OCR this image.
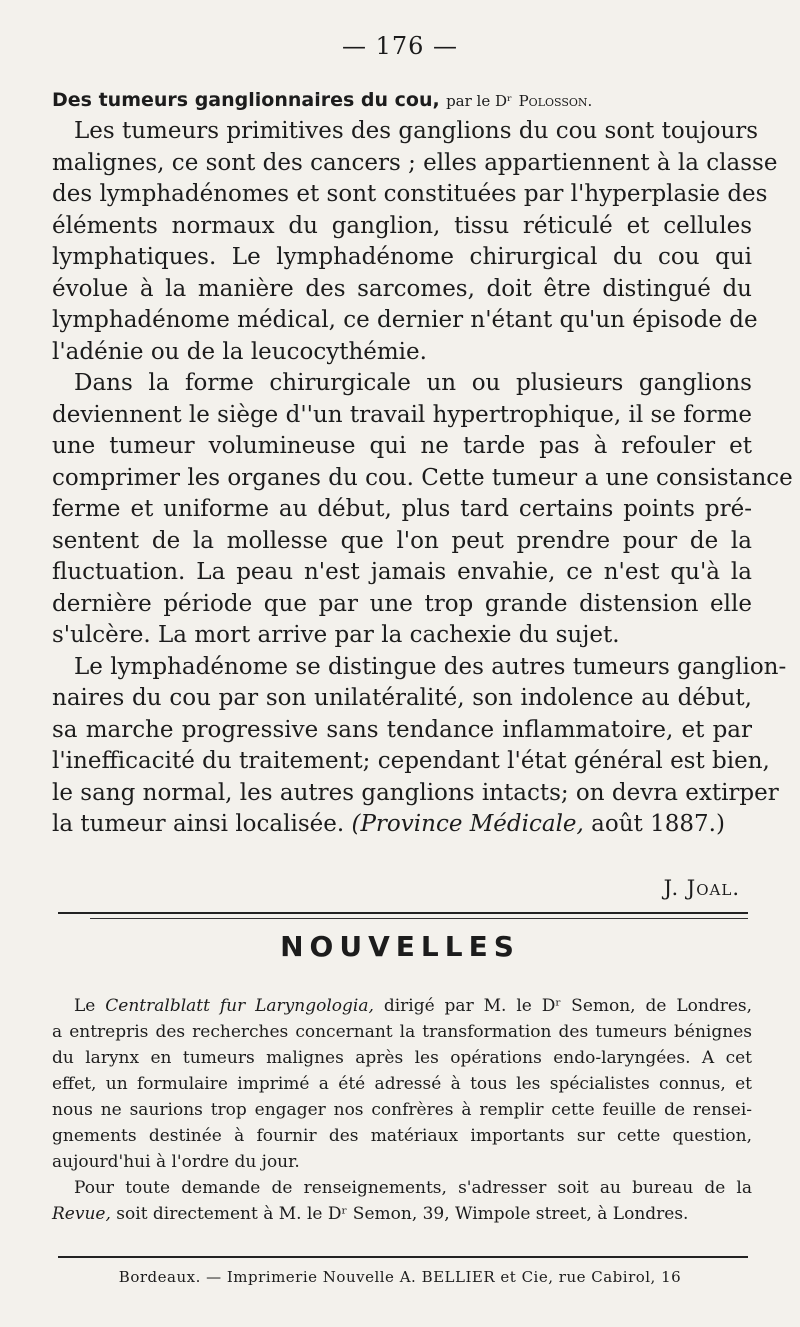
— 176 —
Des tumeurs ganglionnaires du cou, par le Dʳ Polosson.
Les tumeurs primitives des ganglions du cou sont toujours
malignes, ce sont des cancers ; elles appartiennent à la classe
des lymphadénomes et sont constituées par l'hyperplasie des
éléments normaux du ganglion, tissu réticulé et cellules
lymphatiques. Le lymphadénome chirurgical du cou qui
évolue à la manière des sarcomes, doit être distingué du
lymphadénome médical, ce dernier n'étant qu'un épisode de
l'adénie ou de la leucocythémie.
Dans la forme chirurgicale un ou plusieurs ganglions
deviennent le siège d''un travail hypertrophique, il se forme
une tumeur volumineuse qui ne tarde pas à refouler et
comprimer les organes du cou. Cette tumeur a une consistance
ferme et uniforme au début, plus tard certains points pré-
sentent de la mollesse que l'on peut prendre pour de la
fluctuation. La peau n'est jamais envahie, ce n'est qu'à la
dernière période que par une trop grande distension elle
s'ulcère. La mort arrive par la cachexie du sujet.
Le lymphadénome se distingue des autres tumeurs ganglion-
naires du cou par son unilatéralité, son indolence au début,
sa marche progressive sans tendance inflammatoire, et par
l'inefficacité du traitement; cependant l'état général est bien,
le sang normal, les autres ganglions intacts; on devra extirper
la tumeur ainsi localisée. (Province Médicale, août 1887.)
J. Joal.
NOUVELLES
Le Centralblatt fur Laryngologia, dirigé par M. le Dʳ Semon, de Londres,
a entrepris des recherches concernant la transformation des tumeurs bénignes
du larynx en tumeurs malignes après les opérations endo-laryngées. A cet
effet, un formulaire imprimé a été adressé à tous les spécialistes connus, et
nous ne saurions trop engager nos confrères à remplir cette feuille de rensei-
gnements destinée à fournir des matériaux importants sur cette question,
aujourd'hui à l'ordre du jour.
Pour toute demande de renseignements, s'adresser soit au bureau de la
Revue, soit directement à M. le Dʳ Semon, 39, Wimpole street, à Londres.
Bordeaux. — Imprimerie Nouvelle A. BELLIER et Cie, rue Cabirol, 16
